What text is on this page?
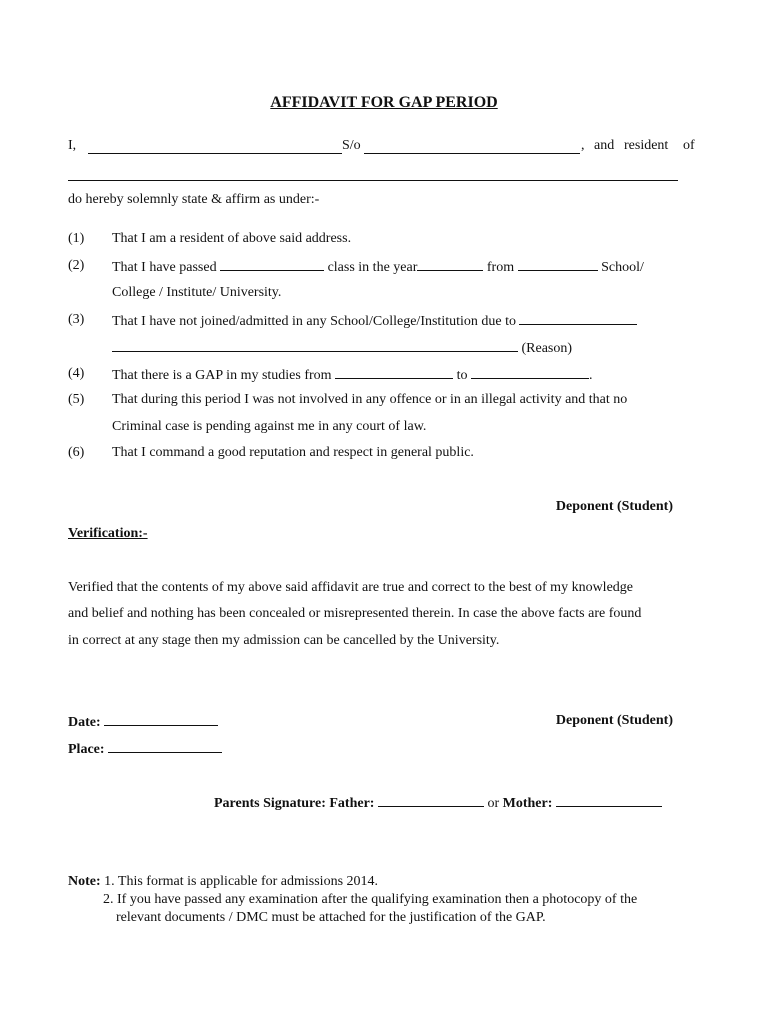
AFFIDAVIT FOR GAP PERIOD
I,	S/o	, and resident of
do hereby solemnly state & affirm as under:-
(1) That I am a resident of above said address.
(2) That I have passed	class in the year	from	School/
College / Institute/ University.
(3) That I have not joined/admitted in any School/College/Institution due to
(Reason)
(4) That there is a GAP in my studies from	to	.
(5) That during this period I was not involved in any offence or in an illegal activity and that no
Criminal case is pending against me in any court of law.
(6) That I command a good reputation and respect in general public.
Deponent (Student)
Verification:-
Verified that the contents of my above said affidavit are true and correct to the best of my knowledge
and belief and nothing has been concealed or misrepresented therein. In case the above facts are found
in correct at any stage then my admission can be cancelled by the University.
Date:	Deponent (Student)
Place:
Parents Signature: Father:	or Mother:
Note: 1. This format is applicable for admissions 2014.
2. If you have passed any examination after the qualifying examination then a photocopy of the
relevant documents / DMC must be attached for the justification of the GAP.
